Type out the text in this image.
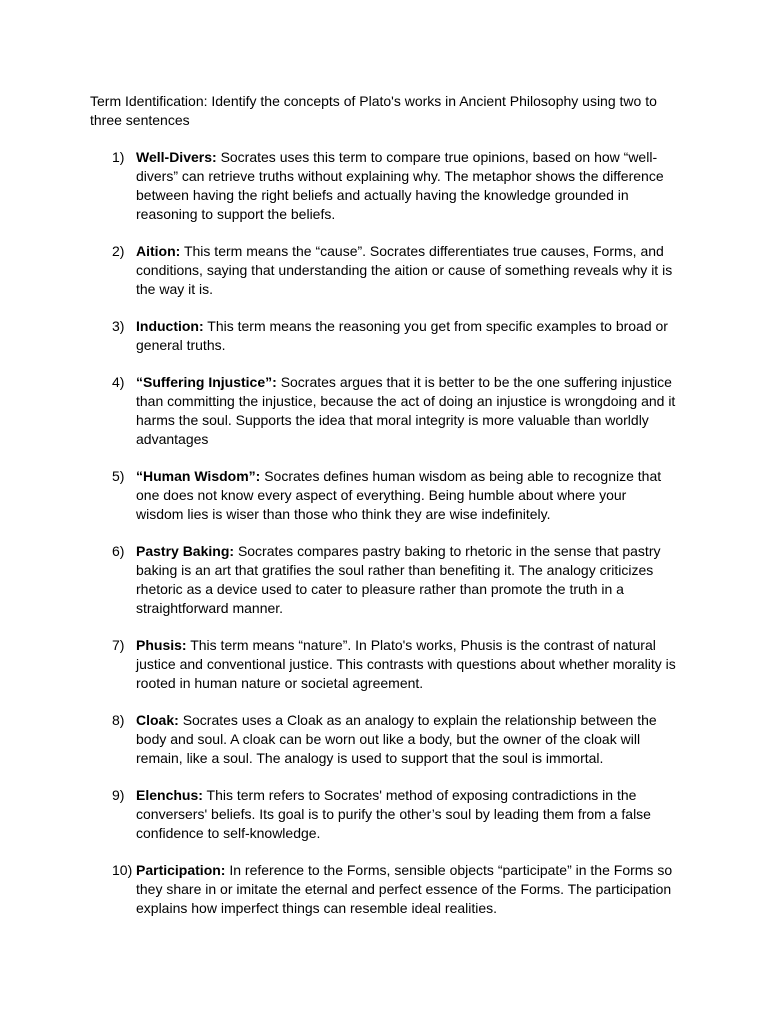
Term Identification: Identify the concepts of Plato's works in Ancient Philosophy using two to three sentences

1) Well-Divers: Socrates uses this term to compare true opinions, based on how “well-divers” can retrieve truths without explaining why. The metaphor shows the difference between having the right beliefs and actually having the knowledge grounded in reasoning to support the beliefs.
2) Aition: This term means the “cause”. Socrates differentiates true causes, Forms, and conditions, saying that understanding the aition or cause of something reveals why it is the way it is.
3) Induction: This term means the reasoning you get from specific examples to broad or general truths.
4) “Suffering Injustice”: Socrates argues that it is better to be the one suffering injustice than committing the injustice, because the act of doing an injustice is wrongdoing and it harms the soul. Supports the idea that moral integrity is more valuable than worldly advantages
5) “Human Wisdom”: Socrates defines human wisdom as being able to recognize that one does not know every aspect of everything. Being humble about where your wisdom lies is wiser than those who think they are wise indefinitely.
6) Pastry Baking: Socrates compares pastry baking to rhetoric in the sense that pastry baking is an art that gratifies the soul rather than benefiting it. The analogy criticizes rhetoric as a device used to cater to pleasure rather than promote the truth in a straightforward manner.
7) Phusis: This term means “nature”. In Plato's works, Phusis is the contrast of natural justice and conventional justice. This contrasts with questions about whether morality is rooted in human nature or societal agreement.
8) Cloak: Socrates uses a Cloak as an analogy to explain the relationship between the body and soul. A cloak can be worn out like a body, but the owner of the cloak will remain, like a soul. The analogy is used to support that the soul is immortal.
9) Elenchus: This term refers to Socrates' method of exposing contradictions in the conversers' beliefs. Its goal is to purify the other’s soul by leading them from a false confidence to self-knowledge.
10) Participation: In reference to the Forms, sensible objects “participate” in the Forms so they share in or imitate the eternal and perfect essence of the Forms. The participation explains how imperfect things can resemble ideal realities.
